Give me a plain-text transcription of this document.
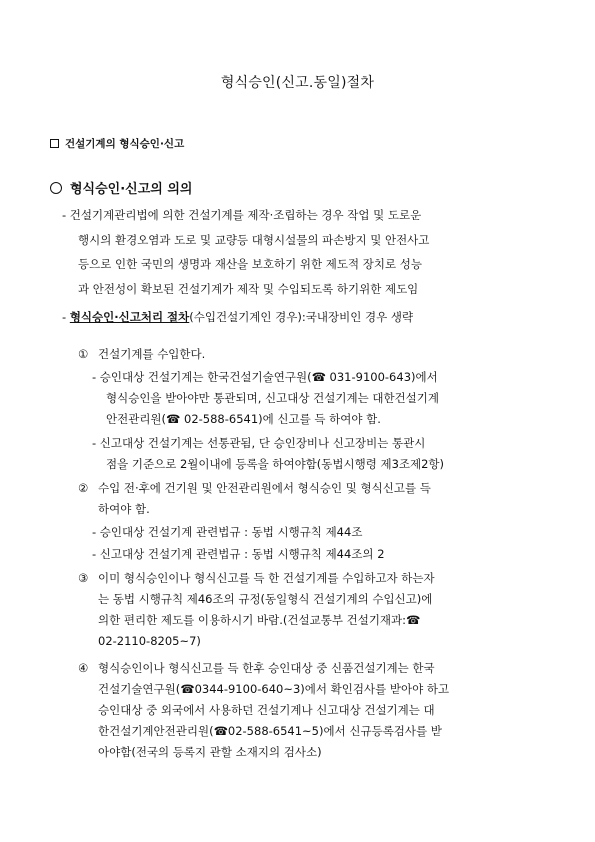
형식승인(신고.동일)절차
건설기계의 형식승인·신고
형식승인·신고의 의의
- 건설기계관리법에 의한 건설기계를 제작·조립하는 경우 작업 및 도로운
행시의 환경오염과 도로 및 교량등 대형시설물의 파손방지 및 안전사고
등으로 인한 국민의 생명과 재산을 보호하기 위한 제도적 장치로 성능
과 안전성이 확보된 건설기계가 제작 및 수입되도록 하기위한 제도임
- 형식승인·신고처리 절차(수입건설기계인 경우):국내장비인 경우 생략
① 건설기계를 수입한다.
- 승인대상 건설기계는 한국건설기술연구원(☎ 031-9100-643)에서
형식승인을 받아야만 통관되며, 신고대상 건설기계는 대한건설기계
안전관리원(☎ 02-588-6541)에 신고를 득 하여야 함.
- 신고대상 건설기계는 선통관됨, 단 승인장비나 신고장비는 통관시
점을 기준으로 2월이내에 등록을 하여야함(동법시행령 제3조제2항)
② 수입 전·후에 건기원 및 안전관리원에서 형식승인 및 형식신고를 득
하여야 함.
- 승인대상 건설기계 관련법규 : 동법 시행규칙 제44조
- 신고대상 건설기계 관련법규 : 동법 시행규칙 제44조의 2
③ 이미 형식승인이나 형식신고를 득 한 건설기계를 수입하고자 하는자
는 동법 시행규칙 제46조의 규정(동일형식 건설기계의 수입신고)에
의한 편리한 제도를 이용하시기 바람.(건설교통부 건설기재과:☎
02-2110-8205~7)
④ 형식승인이나 형식신고를 득 한후 승인대상 중 신품건설기계는 한국
건설기술연구원(☎0344-9100-640~3)에서 확인검사를 받아야 하고
승인대상 중 외국에서 사용하던 건설기계나 신고대상 건설기계는 대
한건설기계안전관리원(☎02-588-6541~5)에서 신규등록검사를 받
아야함(전국의 등록지 관할 소재지의 검사소)
